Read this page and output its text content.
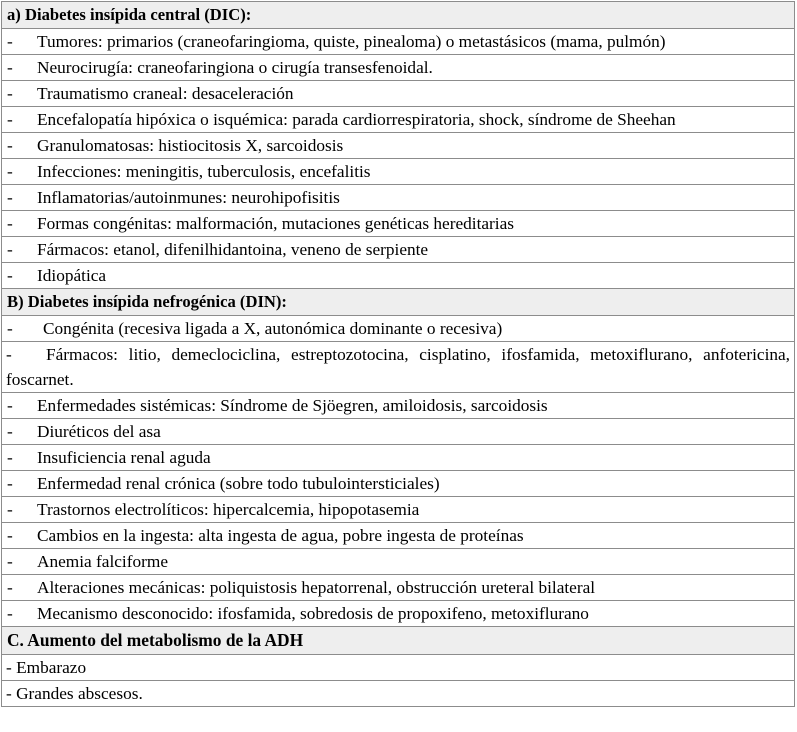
a) Diabetes insípida central (DIC):
- Tumores: primarios (craneofaringioma, quiste, pinealoma) o metastásicos (mama, pulmón)
- Neurocirugía: craneofaringiona o cirugía transesfenoidal.
- Traumatismo craneal: desaceleración
- Encefalopatía hipóxica o isquémica: parada cardiorrespiratoria, shock, síndrome de Sheehan
- Granulomatosas: histiocitosis X, sarcoidosis
- Infecciones: meningitis, tuberculosis, encefalitis
- Inflamatorias/autoinmunes: neurohipofisitis
- Formas congénitas: malformación, mutaciones genéticas hereditarias
- Fármacos: etanol, difenilhidantoina, veneno de serpiente
- Idiopática
B) Diabetes insípida nefrogénica (DIN):
- Congénita (recesiva ligada a X, autonómica dominante o recesiva)
- Fármacos: litio, demeclociclina, estreptozotocina, cisplatino, ifosfamida, metoxiflurano, anfotericina, foscarnet.
- Enfermedades sistémicas: Síndrome de Sjöegren, amiloidosis, sarcoidosis
- Diuréticos del asa
- Insuficiencia renal aguda
- Enfermedad renal crónica (sobre todo tubulointersticiales)
- Trastornos electrolíticos: hipercalcemia, hipopotasemia
- Cambios en la ingesta: alta ingesta de agua, pobre ingesta de proteínas
- Anemia falciforme
- Alteraciones mecánicas: poliquistosis hepatorrenal, obstrucción ureteral bilateral
- Mecanismo desconocido: ifosfamida, sobredosis de propoxifeno, metoxiflurano
C. Aumento del metabolismo de la ADH
- Embarazo
- Grandes abscesos.
